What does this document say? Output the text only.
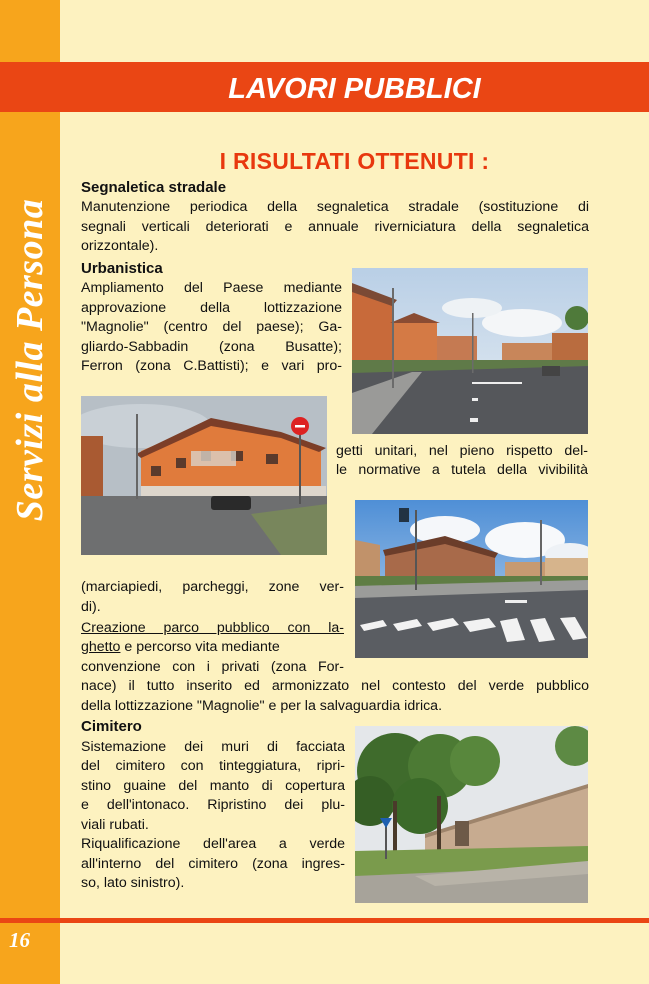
Servizi alla Persona
LAVORI PUBBLICI
16
I RISULTATI OTTENUTI :
Segnaletica stradale
Manutenzione periodica della segnaletica stradale (sostituzione di
segnali verticali deteriorati e annuale riverniciatura della segnaletica
orizzontale).
Urbanistica
Ampliamento del Paese mediante
approvazione della lottizzazione
"Magnolie" (centro del paese); Ga-
gliardo-Sabbadin (zona Busatte);
Ferron (zona C.Battisti); e vari pro-
getti unitari, nel pieno rispetto del-
le normative a tutela della vivibilità
(marciapiedi, parcheggi, zone ver-
di).
Creazione parco pubblico con la-
ghetto e percorso vita mediante
convenzione con i privati (zona For-
nace) il tutto inserito ed armonizzato nel contesto del verde pubblico
della lottizzazione "Magnolie" e per la salvaguardia idrica.
Cimitero
Sistemazione dei muri di facciata
del cimitero con tinteggiatura, ripri-
stino guaine del manto di copertura
e dell'intonaco. Ripristino dei plu-
viali rubati.
Riqualificazione dell'area a verde
all'interno del cimitero (zona ingres-
so, lato sinistro).
